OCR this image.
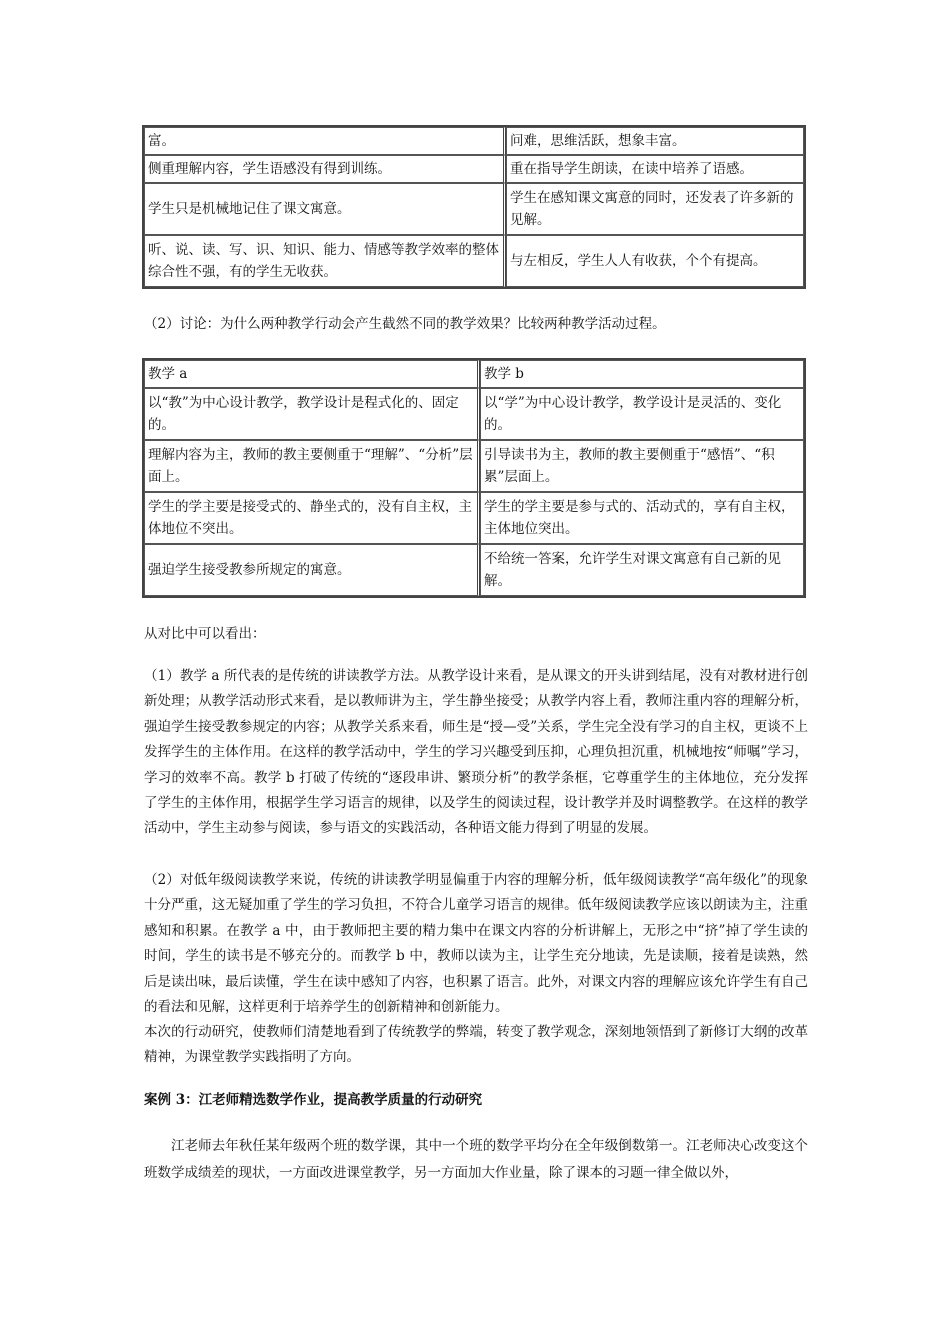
富。	问难，思维活跃，想象丰富。
侧重理解内容，学生语感没有得到训练。	重在指导学生朗读，在读中培养了语感。
学生只是机械地记住了课文寓意。	学生在感知课文寓意的同时，还发表了许多新的见解。
听、说、读、写、识、知识、能力、情感等教学效率的整体综合性不强，有的学生无收获。	与左相反，学生人人有收获，个个有提高。
（2）讨论：为什么两种教学行动会产生截然不同的教学效果？比较两种教学活动过程。
教学 a	教学 b
以“教”为中心设计教学，教学设计是程式化的、固定的。	以“学”为中心设计教学，教学设计是灵活的、变化的。
理解内容为主，教师的教主要侧重于“理解”、“分析”层面上。	引导读书为主，教师的教主要侧重于“感悟”、“积累”层面上。
学生的学主要是接受式的、静坐式的，没有自主权，主体地位不突出。	学生的学主要是参与式的、活动式的，享有自主权，主体地位突出。
强迫学生接受教参所规定的寓意。	不给统一答案，允许学生对课文寓意有自己新的见解。
从对比中可以看出：
（1）教学 a 所代表的是传统的讲读教学方法。从教学设计来看，是从课文的开头讲到结尾，没有对教材进行创新处理；从教学活动形式来看，是以教师讲为主，学生静坐接受；从教学内容上看，教师注重内容的理解分析，强迫学生接受教参规定的内容；从教学关系来看，师生是“授—受”关系，学生完全没有学习的自主权，更谈不上发挥学生的主体作用。在这样的教学活动中，学生的学习兴趣受到压抑，心理负担沉重，机械地按“师嘱”学习，学习的效率不高。教学 b 打破了传统的“逐段串讲、繁琐分析”的教学条框，它尊重学生的主体地位，充分发挥了学生的主体作用，根据学生学习语言的规律，以及学生的阅读过程，设计教学并及时调整教学。在这样的教学活动中，学生主动参与阅读，参与语文的实践活动，各种语文能力得到了明显的发展。
（2）对低年级阅读教学来说，传统的讲读教学明显偏重于内容的理解分析，低年级阅读教学“高年级化”的现象十分严重，这无疑加重了学生的学习负担，不符合儿童学习语言的规律。低年级阅读教学应该以朗读为主，注重感知和积累。在教学 a 中，由于教师把主要的精力集中在课文内容的分析讲解上，无形之中“挤”掉了学生读的时间，学生的读书是不够充分的。而教学 b 中，教师以读为主，让学生充分地读，先是读顺，接着是读熟，然后是读出味，最后读懂，学生在读中感知了内容，也积累了语言。此外，对课文内容的理解应该允许学生有自己的看法和见解，这样更利于培养学生的创新精神和创新能力。
本次的行动研究，使教师们清楚地看到了传统教学的弊端，转变了教学观念，深刻地领悟到了新修订大纲的改革精神，为课堂教学实践指明了方向。
案例 3：江老师精选数学作业，提高教学质量的行动研究
江老师去年秋任某年级两个班的数学课，其中一个班的数学平均分在全年级倒数第一。江老师决心改变这个班数学成绩差的现状，一方面改进课堂教学，另一方面加大作业量，除了课本的习题一律全做以外，
